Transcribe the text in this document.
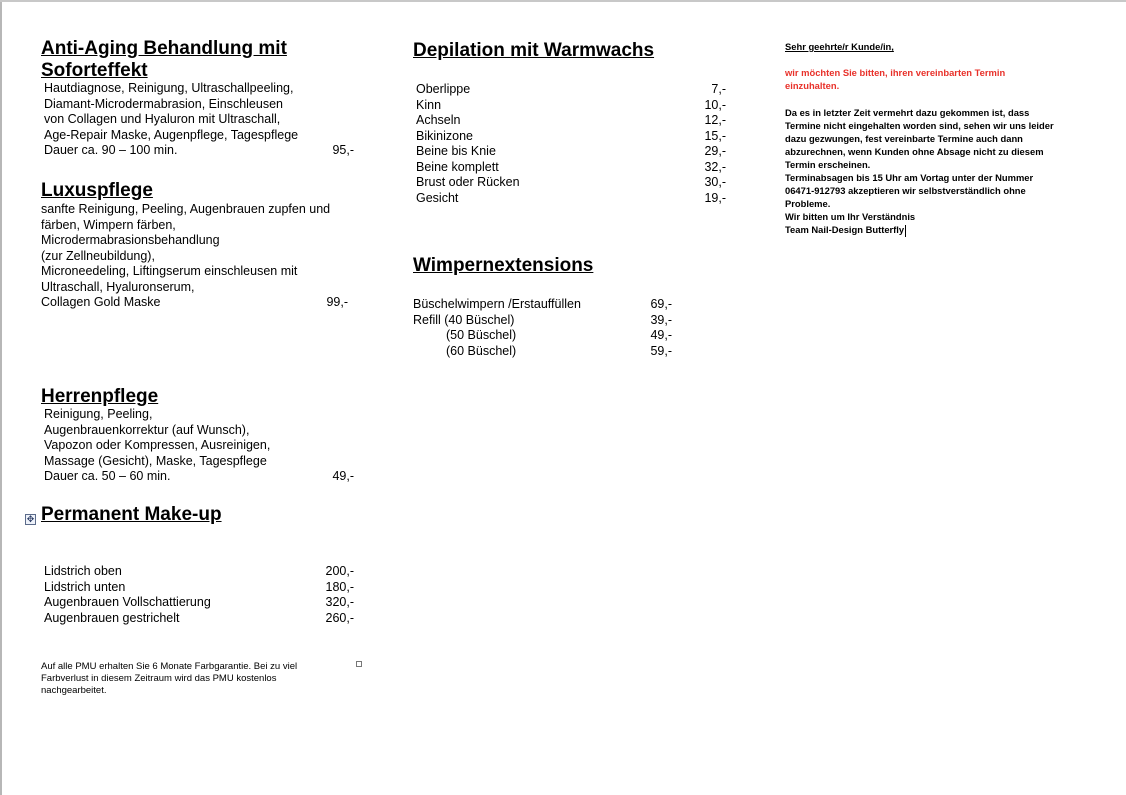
Anti-Aging Behandlung mit
Soforteffekt
Hautdiagnose, Reinigung, Ultraschallpeeling,
Diamant-Microdermabrasion, Einschleusen
von Collagen und Hyaluron mit Ultraschall,
Age-Repair Maske, Augenpflege, Tagespflege
Dauer ca. 90 – 100 min.	95,-
Luxuspflege
sanfte Reinigung, Peeling, Augenbrauen zupfen und
färben, Wimpern färben,
Microdermabrasionsbehandlung
(zur Zellneubildung),
Microneedeling, Liftingserum einschleusen mit
Ultraschall, Hyaluronserum,
Collagen Gold Maske	99,-
Herrenpflege
Reinigung, Peeling,
Augenbrauenkorrektur (auf Wunsch),
Vapozon oder Kompressen, Ausreinigen,
Massage (Gesicht), Maske, Tagespflege
Dauer ca. 50 – 60 min.	49,-
✥ Permanent Make-up
Lidstrich oben	200,-
Lidstrich unten	180,-
Augenbrauen Vollschattierung	320,-
Augenbrauen gestrichelt	260,-
Auf alle PMU erhalten Sie 6 Monate Farbgarantie. Bei zu viel
Farbverlust in diesem Zeitraum wird das PMU kostenlos
nachgearbeitet.
Depilation mit Warmwachs
Oberlippe	7,-
Kinn	10,-
Achseln	12,-
Bikinizone	15,-
Beine bis Knie	29,-
Beine komplett	32,-
Brust oder Rücken	30,-
Gesicht	19,-
Wimpernextensions
Büschelwimpern /Erstauffüllen	69,-
Refill (40 Büschel)	39,-
(50 Büschel)	49,-
(60 Büschel)	59,-
Sehr geehrte/r Kunde/in,
wir möchten Sie bitten, ihren vereinbarten Termin
einzuhalten.
Da es in letzter Zeit vermehrt dazu gekommen ist, dass
Termine nicht eingehalten worden sind, sehen wir uns leider
dazu gezwungen, fest vereinbarte Termine auch dann
abzurechnen, wenn Kunden ohne Absage nicht zu diesem
Termin erscheinen.
Terminabsagen bis 15 Uhr am Vortag unter der Nummer
06471-912793 akzeptieren wir selbstverständlich ohne
Probleme.
Wir bitten um Ihr Verständnis
Team Nail-Design Butterfly
